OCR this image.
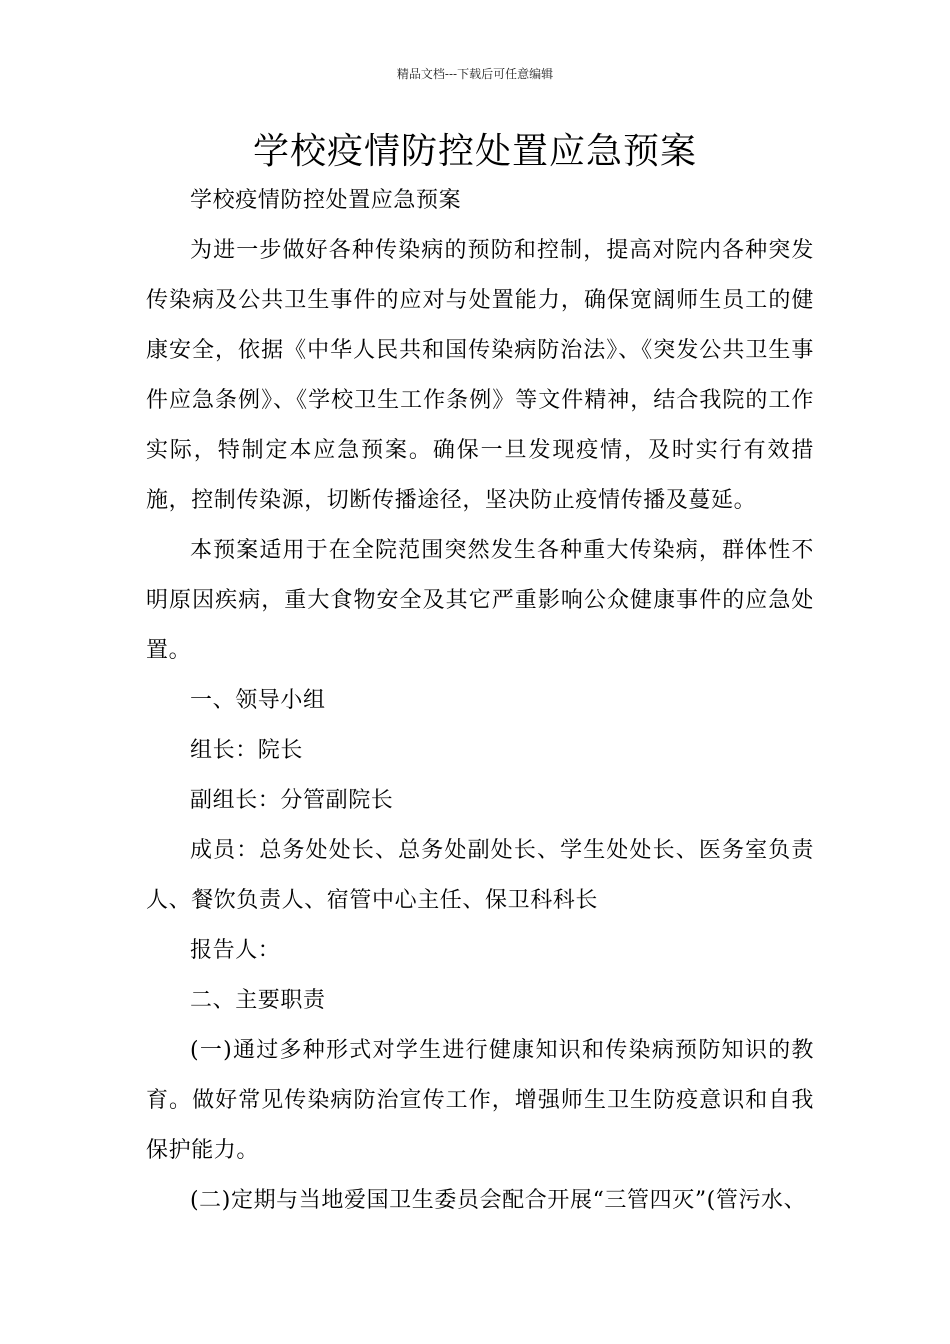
精品文档---下载后可任意编辑
学校疫情防控处置应急预案

学校疫情防控处置应急预案

为进一步做好各种传染病的预防和控制，提高对院内各种突发传染病及公共卫生事件的应对与处置能力，确保宽阔师生员工的健康安全，依据《中华人民共和国传染病防治法》、《突发公共卫生事件应急条例》、《学校卫生工作条例》等文件精神，结合我院的工作实际，特制定本应急预案。确保一旦发现疫情，及时实行有效措施，控制传染源，切断传播途径，坚决防止疫情传播及蔓延。

本预案适用于在全院范围突然发生各种重大传染病，群体性不明原因疾病，重大食物安全及其它严重影响公众健康事件的应急处置。

一、领导小组

组长：院长

副组长：分管副院长

成员：总务处处长、总务处副处长、学生处处长、医务室负责人、餐饮负责人、宿管中心主任、保卫科科长

报告人：

二、主要职责

(一)通过多种形式对学生进行健康知识和传染病预防知识的教育。做好常见传染病防治宣传工作，增强师生卫生防疫意识和自我保护能力。

(二)定期与当地爱国卫生委员会配合开展“三管四灭”(管污水、
